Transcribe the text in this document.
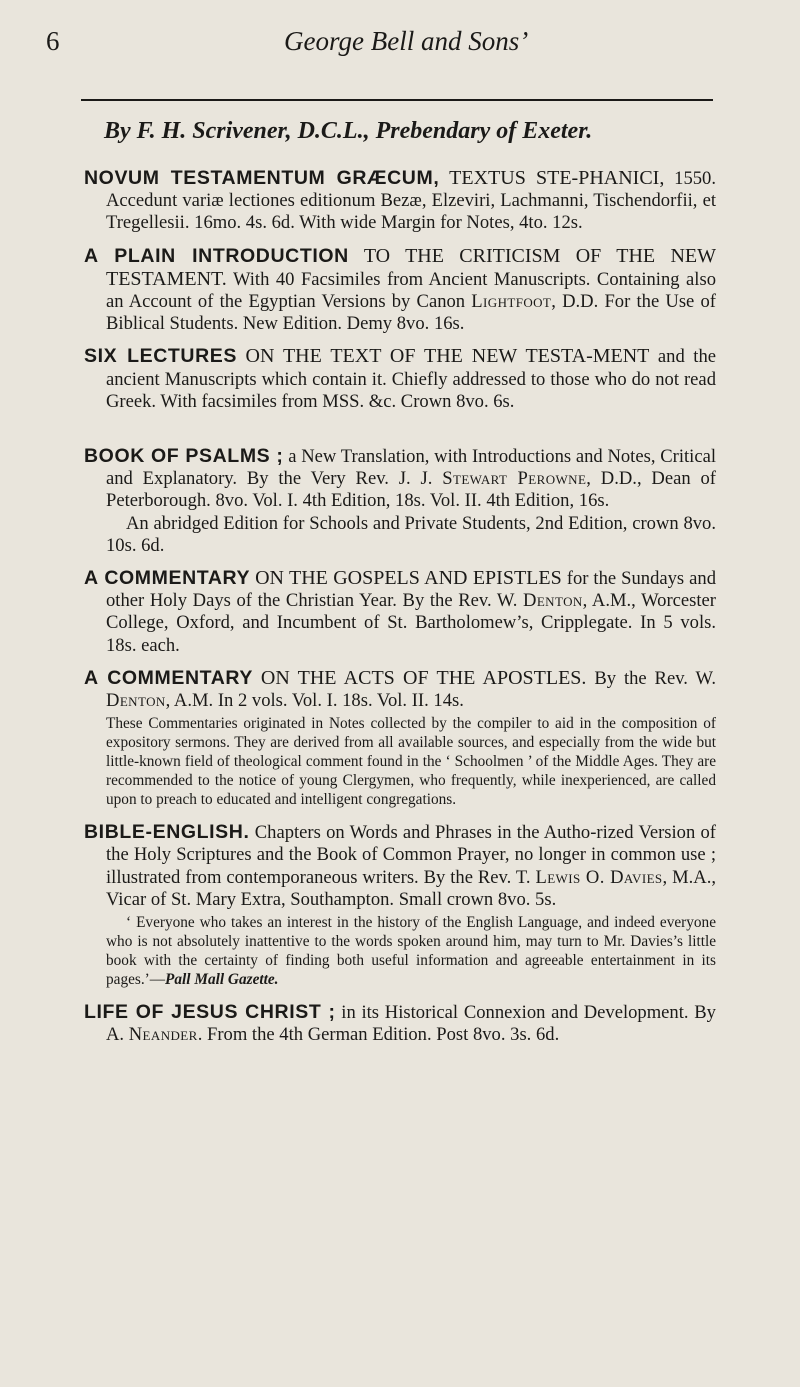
6	George Bell and Sons’
By F. H. Scrivener, D.C.L., Prebendary of Exeter.

NOVUM TESTAMENTUM GRÆCUM, TEXTUS STE-PHANICI, 1550. Accedunt variæ lectiones editionum Bezæ, Elzeviri, Lachmanni, Tischendorfii, et Tregellesii. 16mo. 4s. 6d. With wide Margin for Notes, 4to. 12s.

A PLAIN INTRODUCTION TO THE CRITICISM OF THE NEW TESTAMENT. With 40 Facsimiles from Ancient Manuscripts. Containing also an Account of the Egyptian Versions by Canon Lightfoot, D.D. For the Use of Biblical Students. New Edition. Demy 8vo. 16s.

SIX LECTURES ON THE TEXT OF THE NEW TESTA-MENT and the ancient Manuscripts which contain it. Chiefly addressed to those who do not read Greek. With facsimiles from MSS. &c. Crown 8vo. 6s.

BOOK OF PSALMS ; a New Translation, with Introductions and Notes, Critical and Explanatory. By the Very Rev. J. J. Stewart Perowne, D.D., Dean of Peterborough. 8vo. Vol. I. 4th Edition, 18s. Vol. II. 4th Edition, 16s.
An abridged Edition for Schools and Private Students, 2nd Edition, crown 8vo. 10s. 6d.

A COMMENTARY ON THE GOSPELS AND EPISTLES for the Sundays and other Holy Days of the Christian Year. By the Rev. W. Denton, A.M., Worcester College, Oxford, and Incumbent of St. Bartholomew’s, Cripplegate. In 5 vols. 18s. each.

A COMMENTARY ON THE ACTS OF THE APOSTLES. By the Rev. W. Denton, A.M. In 2 vols. Vol. I. 18s. Vol. II. 14s.

These Commentaries originated in Notes collected by the compiler to aid in the composition of expository sermons. They are derived from all available sources, and especially from the wide but little-known field of theological comment found in the ‘ Schoolmen ’ of the Middle Ages. They are recommended to the notice of young Clergymen, who frequently, while inexperienced, are called upon to preach to educated and intelligent congregations.

BIBLE-ENGLISH. Chapters on Words and Phrases in the Autho-rized Version of the Holy Scriptures and the Book of Common Prayer, no longer in common use ; illustrated from contemporaneous writers. By the Rev. T. Lewis O. Davies, M.A., Vicar of St. Mary Extra, Southampton. Small crown 8vo. 5s.

‘ Everyone who takes an interest in the history of the English Language, and indeed everyone who is not absolutely inattentive to the words spoken around him, may turn to Mr. Davies’s little book with the certainty of finding both useful information and agreeable entertainment in its pages.’—Pall Mall Gazette.

LIFE OF JESUS CHRIST ; in its Historical Connexion and Development. By A. Neander. From the 4th German Edition. Post 8vo. 3s. 6d.
